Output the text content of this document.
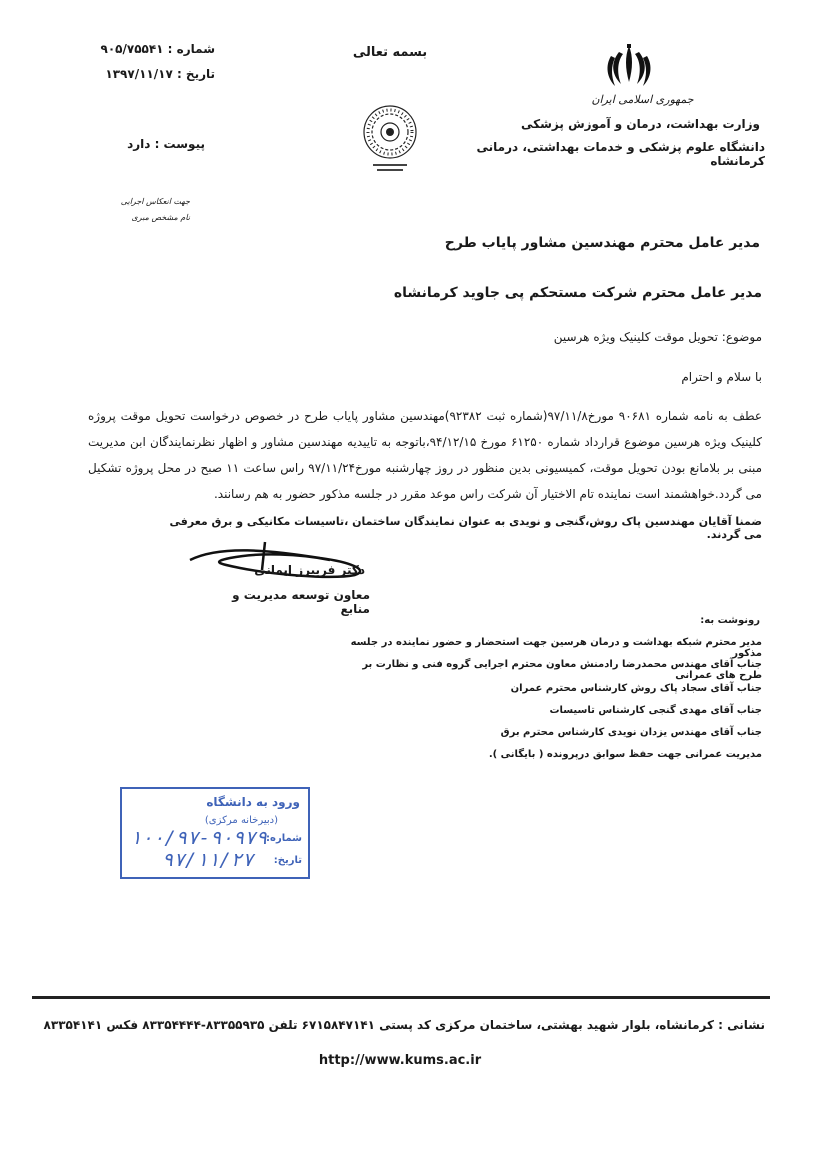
شماره : ۹۰۵/۷۵۵۴۱
تاریخ : ۱۳۹۷/۱۱/۱۷
پیوست : دارد
جهت انعکاس اجرایی
نام مشخص مبری
بسمه تعالی
جمهوری اسلامی ایران
وزارت بهداشت، درمان و آموزش پزشکی
دانشگاه علوم پزشکی و خدمات بهداشتی، درمانی کرمانشاه
مدیر عامل محترم مهندسین مشاور پایاب طرح
مدیر عامل محترم شرکت مستحکم پی جاوید کرمانشاه
موضوع: تحویل موقت کلینیک ویژه هرسین
با سلام و احترام
عطف به نامه شماره ۹۰۶۸۱ مورخ۹۷/۱۱/۸(شماره ثبت ۹۲۳۸۲)مهندسین مشاور پایاب طرح در خصوص درخواست تحویل موقت پروژه کلینیک ویژه هرسین موضوع قرارداد شماره ۶۱۲۵۰ مورخ ۹۴/۱۲/۱۵،باتوجه به تاییدیه مهندسین مشاور و اظهار نظرنمایندگان ابن مدیریت مبنی بر بلامانع بودن تحویل موقت، کمیسیونی بدین منظور در روز چهارشنبه مورخ۹۷/۱۱/۲۴ راس ساعت ۱۱ صبح در محل پروژه تشکیل می گردد.خواهشمند است نماینده تام الاختیار آن شرکت راس موعد مقرر در جلسه مذکور حضور به هم رسانند.
ضمنا آقایان مهندسین پاک روش،گنجی و نویدی به عنوان نمایندگان ساختمان ،تاسیسات مکانیکی و برق معرفی می گردند.
دکتر فریبرز ایمانی
معاون توسعه مدیریت و منابع
رونوشت به:
مدیر محترم شبکه بهداشت و درمان هرسین جهت استحضار و حضور نماینده در جلسه مذکور
جناب آقای مهندس محمدرضا رادمنش معاون محترم اجرایی گروه فنی و نظارت بر طرح های عمرانی
جناب آقای سجاد پاک روش کارشناس محترم عمران
جناب آقای مهدی گنجی کارشناس تاسیسات
جناب آقای مهندس یزدان نویدی کارشناس محترم برق
مدیریت عمرانی جهت حفظ سوابق درپرونده ( بایگانی ).
ورود به دانشگاه
(دبیرخانه مرکزی)
شماره:
۱۰۰/۹۷-۹۰۹۷۹
تاریخ:
۹۷/۱۱/۲۷
نشانی : کرمانشاه، بلوار شهید بهشتی، ساختمان مرکزی کد پستی ۶۷۱۵۸۴۷۱۴۱ تلفن ۸۳۳۵۵۹۳۵-۸۳۳۵۴۴۴۴ فکس ۸۳۳۵۴۱۴۱
http://www.kums.ac.ir
